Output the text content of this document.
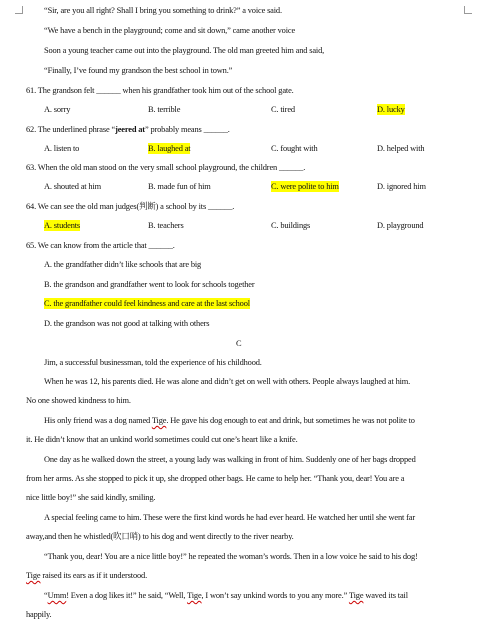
“Sir, are you all right? Shall I bring you something to drink?” a voice said.
“We have a bench in the playground; come and sit down,” came another voice
Soon a young teacher came out into the playground. The old man greeted him and said,
“Finally, I’ve found my grandson the best school in town.”
61. The grandson felt ______ when his grandfather took him out of the school gate.
A. sorry	B. terrible	C. tired	D. lucky
62. The underlined phrase “jeered at” probably means ______.
A. listen to	B. laughed at	C. fought with	D. helped with
63. When the old man stood on the very small school playground, the children ______.
A. shouted at him	B. made fun of him	C. were polite to him	D. ignored him
64. We can see the old man judges(判断) a school by its ______.
A. students	B. teachers	C. buildings	D. playground
65. We can know from the article that ______.
A. the grandfather didn’t like schools that are big
B. the grandson and grandfather went to look for schools together
C. the grandfather could feel kindness and care at the last school
D. the grandson was not good at talking with others
C
Jim, a successful businessman, told the experience of his childhood.
When he was 12, his parents died. He was alone and didn’t get on well with others. People always laughed at him.
No one showed kindness to him.
His only friend was a dog named Tige. He gave his dog enough to eat and drink, but sometimes he was not polite to
it. He didn’t know that an unkind world sometimes could cut one’s heart like a knife.
One day as he walked down the street, a young lady was walking in front of him. Suddenly one of her bags dropped
from her arms. As she stopped to pick it up, she dropped other bags. He came to help her. “Thank you, dear! You are a
nice little boy!” she said kindly, smiling.
A special feeling came to him. These were the first kind words he had ever heard. He watched her until she went far
away,and then he whistled(吹口哨) to his dog and went directly to the river nearby.
“Thank you, dear! You are a nice little boy!” he repeated the woman’s words. Then in a low voice he said to his dog!
Tige raised its ears as if it understood.
“Umm! Even a dog likes it!” he said, “Well, Tige, I won’t say unkind words to you any more.” Tige waved its tail
happily.
